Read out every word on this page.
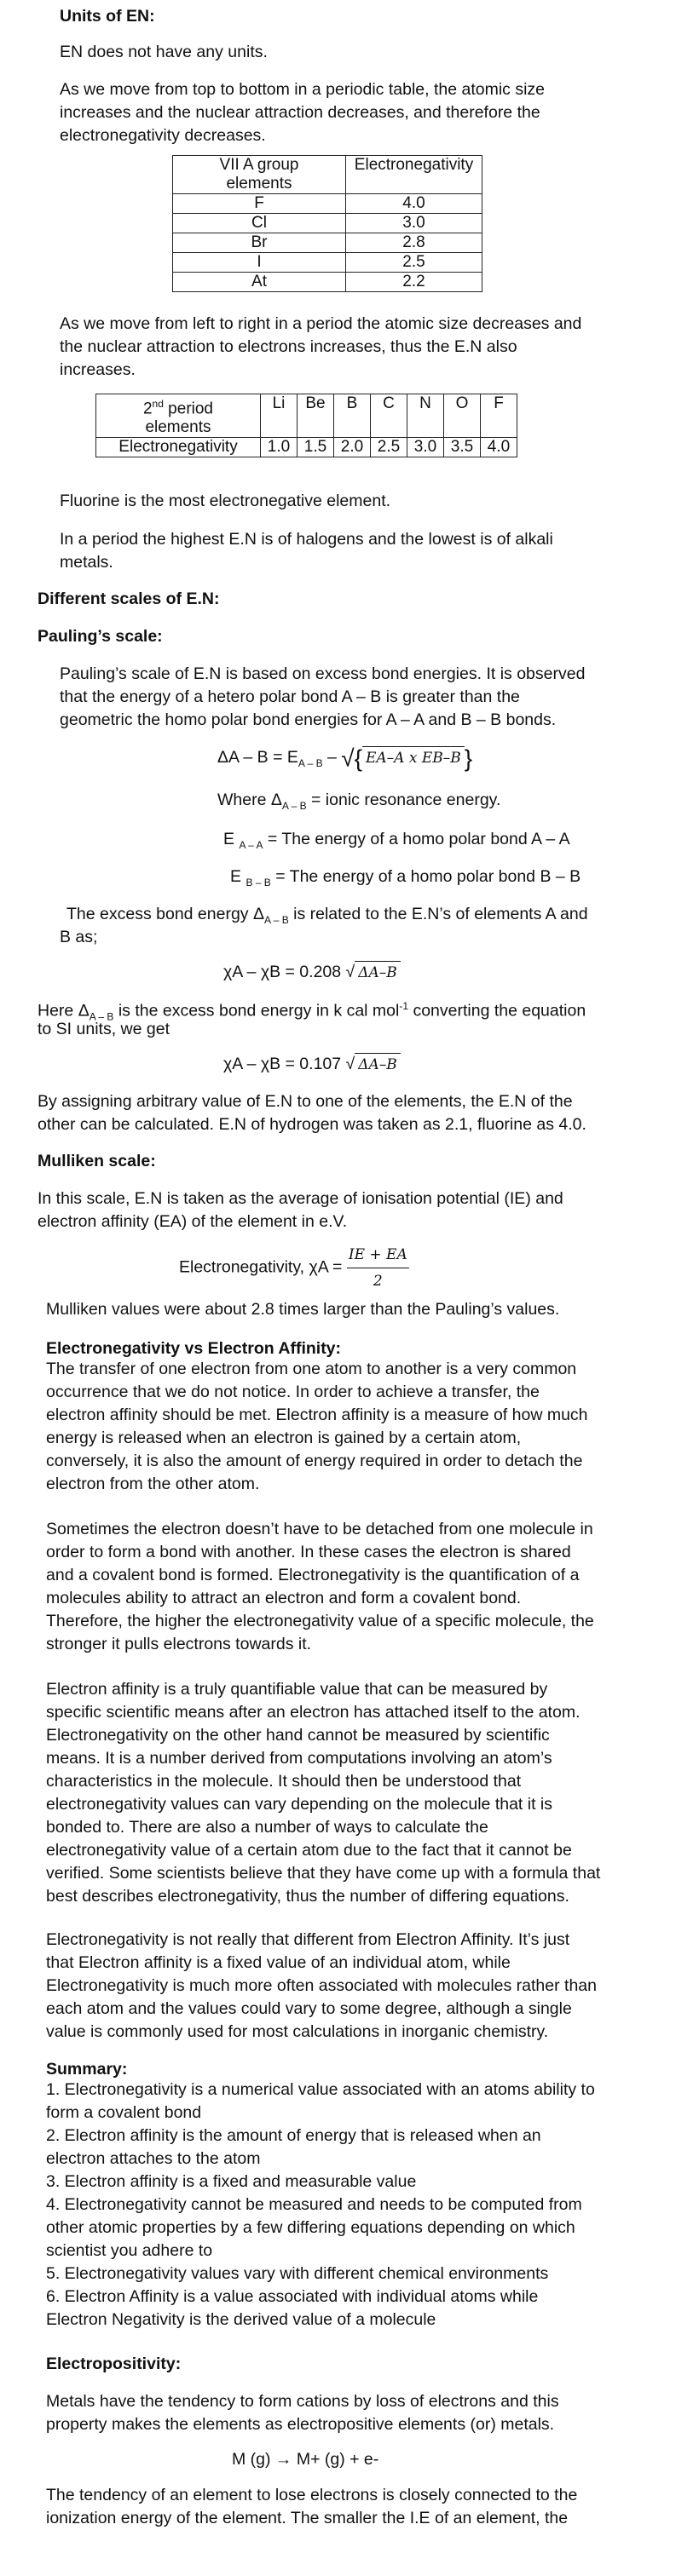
Units of EN:
EN does not have any units.
As we move from top to bottom in a periodic table, the atomic size
increases and the nuclear attraction decreases, and therefore the
electronegativity decreases.
VII A group
elements	Electronegativity
F	4.0
Cl	3.0
Br	2.8
I	2.5
At	2.2
As we move from left to right in a period the atomic size decreases and
the nuclear attraction to electrons increases, thus the E.N also
increases.
2nd period
elements	Li	Be	B	C	N	O	F
Electronegativity	1.0	1.5	2.0	2.5	3.0	3.5	4.0
Fluorine is the most electronegative element.
In a period the highest E.N is of halogens and the lowest is of alkali
metals.
Different scales of E.N:
Pauling’s scale:
Pauling’s scale of E.N is based on excess bond energies. It is observed
that the energy of a hetero polar bond A – B is greater than the
geometric the homo polar bond energies for A – A and B – B bonds.
$\Delta A - B = E_{A - B}$ – √{ EA–A x EB–B }
Where $\Delta_{A - B}$ = ionic resonance energy.
E $_{A - A}$ = The energy of a homo polar bond A – A
E $_{B - B}$ = The energy of a homo polar bond B – B
The excess bond energy $\Delta_{A - B}$ is related to the E.N’s of elements A and
B as;
χA – χB = 0.208 √ ΔA–B
Here $\Delta_{A - B}$ is the excess bond energy in k cal mol$^{-1}$ converting the equation
to SI units, we get
χA – χB = 0.107 √ ΔA–B
By assigning arbitrary value of E.N to one of the elements, the E.N of the
other can be calculated. E.N of hydrogen was taken as 2.1, fluorine as 4.0.
Mulliken scale:
In this scale, E.N is taken as the average of ionisation potential (IE) and
electron affinity (EA) of the element in e.V.
Electronegativity, $\chi A = \frac{IE + EA}{2}$
Mulliken values were about 2.8 times larger than the Pauling’s values.
Electronegativity vs Electron Affinity:
The transfer of one electron from one atom to another is a very common
occurrence that we do not notice. In order to achieve a transfer, the
electron affinity should be met. Electron affinity is a measure of how much
energy is released when an electron is gained by a certain atom,
conversely, it is also the amount of energy required in order to detach the
electron from the other atom.
Sometimes the electron doesn’t have to be detached from one molecule in
order to form a bond with another. In these cases the electron is shared
and a covalent bond is formed. Electronegativity is the quantification of a
molecules ability to attract an electron and form a covalent bond.
Therefore, the higher the electronegativity value of a specific molecule, the
stronger it pulls electrons towards it.
Electron affinity is a truly quantifiable value that can be measured by
specific scientific means after an electron has attached itself to the atom.
Electronegativity on the other hand cannot be measured by scientific
means. It is a number derived from computations involving an atom’s
characteristics in the molecule. It should then be understood that
electronegativity values can vary depending on the molecule that it is
bonded to. There are also a number of ways to calculate the
electronegativity value of a certain atom due to the fact that it cannot be
verified. Some scientists believe that they have come up with a formula that
best describes electronegativity, thus the number of differing equations.
Electronegativity is not really that different from Electron Affinity. It’s just
that Electron affinity is a fixed value of an individual atom, while
Electronegativity is much more often associated with molecules rather than
each atom and the values could vary to some degree, although a single
value is commonly used for most calculations in inorganic chemistry.
Summary:
1. Electronegativity is a numerical value associated with an atoms ability to
form a covalent bond
2. Electron affinity is the amount of energy that is released when an
electron attaches to the atom
3. Electron affinity is a fixed and measurable value
4. Electronegativity cannot be measured and needs to be computed from
other atomic properties by a few differing equations depending on which
scientist you adhere to
5. Electronegativity values vary with different chemical environments
6. Electron Affinity is a value associated with individual atoms while
Electron Negativity is the derived value of a molecule
Electropositivity:
Metals have the tendency to form cations by loss of electrons and this
property makes the elements as electropositive elements (or) metals.
M (g) → M+ (g) + e-
The tendency of an element to lose electrons is closely connected to the
ionization energy of the element. The smaller the I.E of an element, the
